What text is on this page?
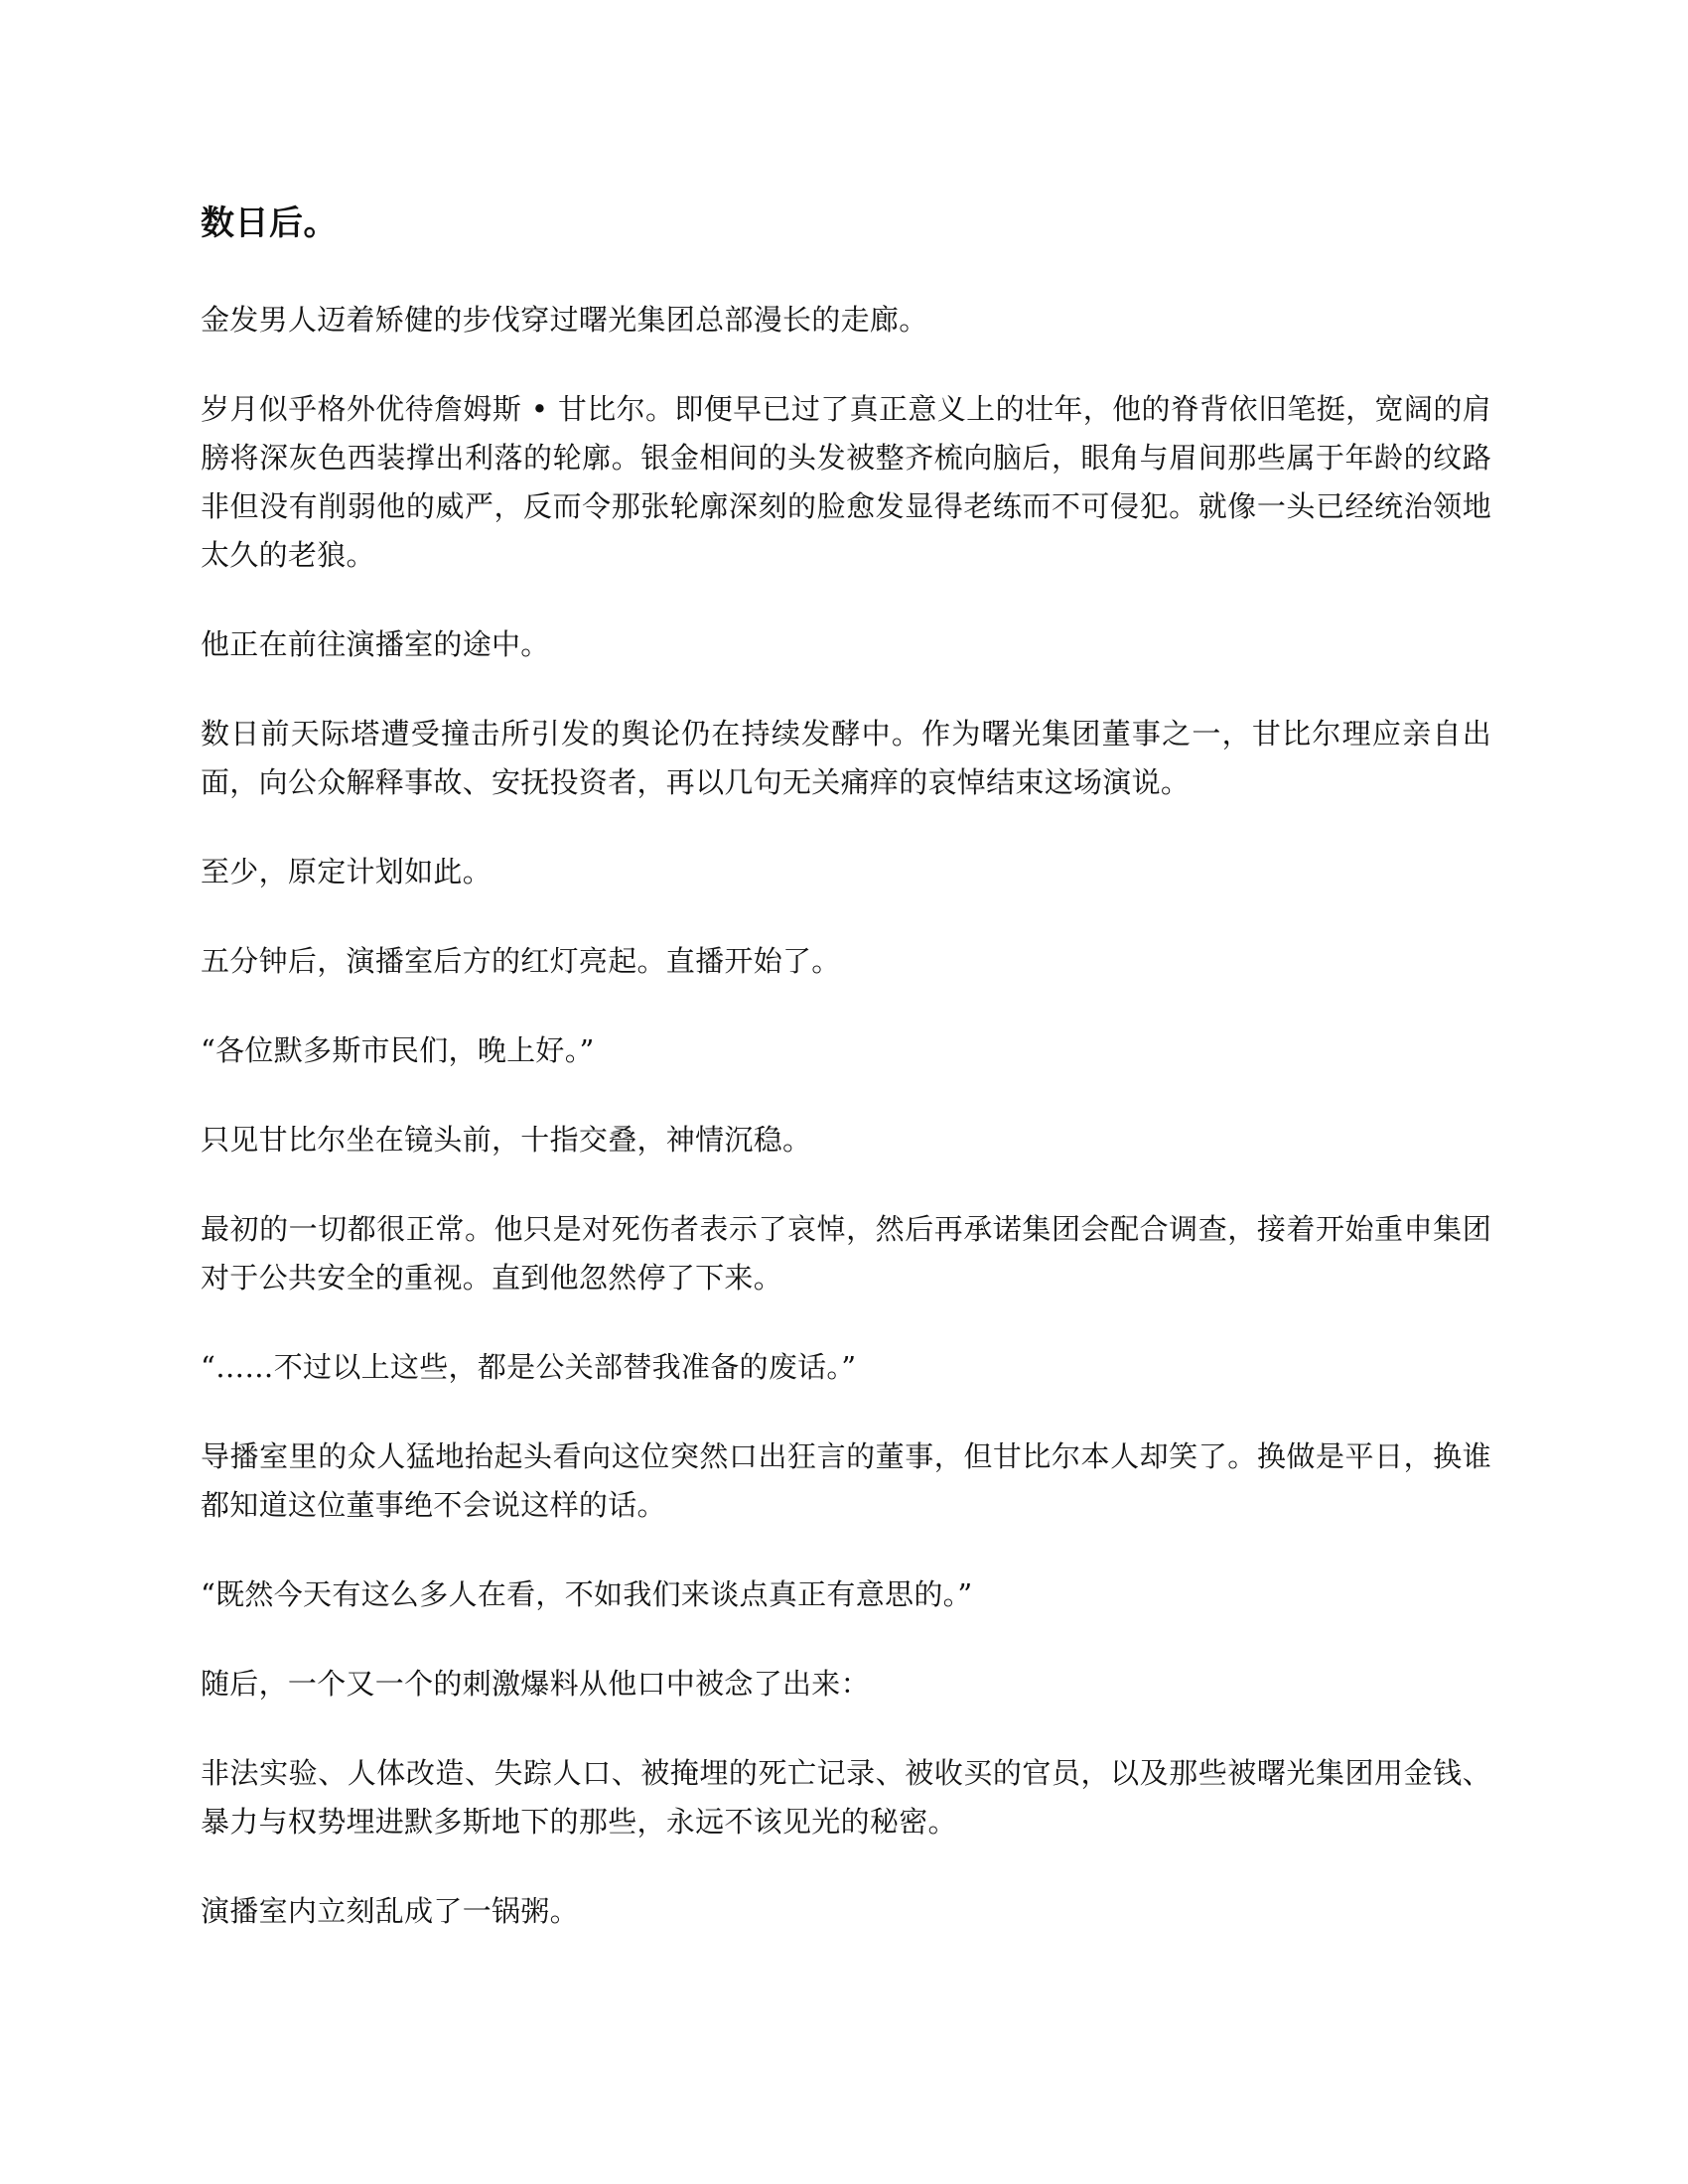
数日后。

金发男人迈着矫健的步伐穿过曙光集团总部漫长的走廊。

岁月似乎格外优待詹姆斯 • 甘比尔。即便早已过了真正意义上的壮年，他的脊背依旧笔挺，宽阔的肩膀将深灰色西装撑出利落的轮廓。银金相间的头发被整齐梳向脑后，眼角与眉间那些属于年龄的纹路非但没有削弱他的威严，反而令那张轮廓深刻的脸愈发显得老练而不可侵犯。就像一头已经统治领地太久的老狼。

他正在前往演播室的途中。

数日前天际塔遭受撞击所引发的舆论仍在持续发酵中。作为曙光集团董事之一，甘比尔理应亲自出面，向公众解释事故、安抚投资者，再以几句无关痛痒的哀悼结束这场演说。

至少，原定计划如此。

五分钟后，演播室后方的红灯亮起。直播开始了。

“各位默多斯市民们，晚上好。”

只见甘比尔坐在镜头前，十指交叠，神情沉稳。

最初的一切都很正常。他只是对死伤者表示了哀悼，然后再承诺集团会配合调查，接着开始重申集团对于公共安全的重视。直到他忽然停了下来。

“……不过以上这些，都是公关部替我准备的废话。”

导播室里的众人猛地抬起头看向这位突然口出狂言的董事，但甘比尔本人却笑了。换做是平日，换谁都知道这位董事绝不会说这样的话。

“既然今天有这么多人在看，不如我们来谈点真正有意思的。”

随后，一个又一个的刺激爆料从他口中被念了出来：

非法实验、人体改造、失踪人口、被掩埋的死亡记录、被收买的官员，以及那些被曙光集团用金钱、暴力与权势埋进默多斯地下的那些，永远不该见光的秘密。

演播室内立刻乱成了一锅粥。
